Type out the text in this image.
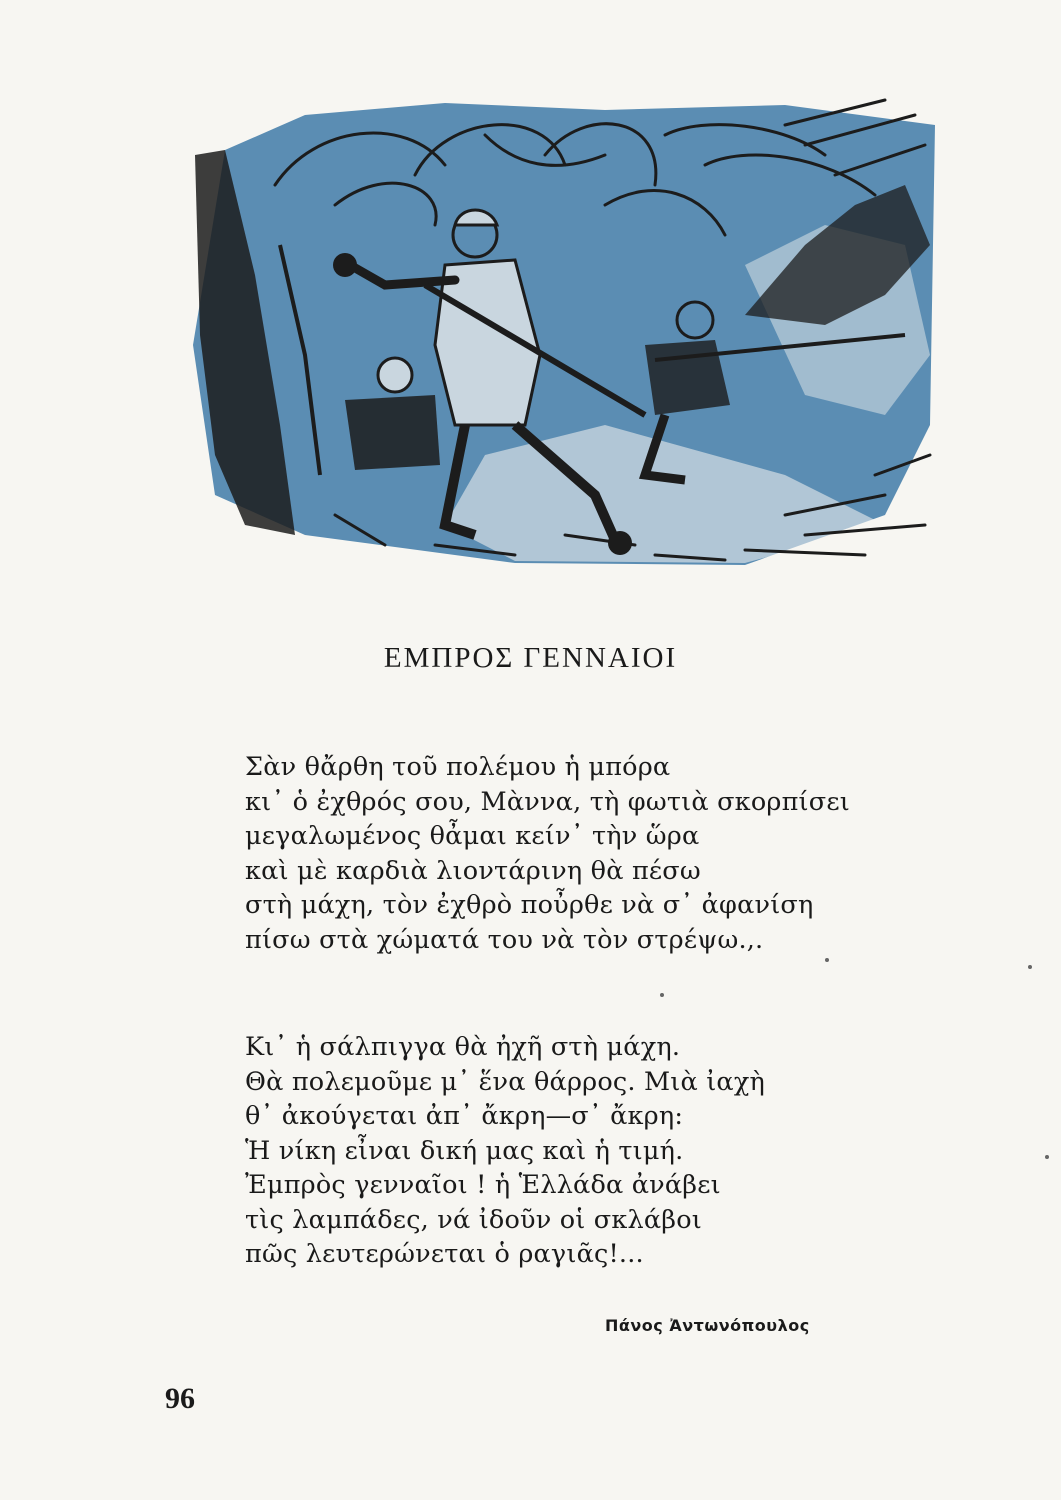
ΕΜΠΡΟΣ ΓΕΝΝΑΙΟΙ
Σὰν θἄρθη τοῦ πολέμου ἡ μπόρα
κι᾿ ὁ ἐχθρός σου, Μὰννα, τὴ φωτιὰ σκορπίσει
μεγαλωμένος θἆμαι κείν᾿ τὴν ὥρα
καὶ μὲ καρδιὰ λιοντάρινη θὰ πέσω
στὴ μάχη, τὸν ἐχθρὸ ποὖρθε νὰ σ᾿ ἀφανίση
πίσω στὰ χώματά του νὰ τὸν στρέψω.,.
Κι᾿ ἡ σάλπιγγα θὰ ἠχῆ στὴ μάχη.
Θὰ πολεμοῦμε μ᾿ ἕνα θάρρος. Μιὰ ἰαχὴ
θ᾿ ἀκούγεται ἀπ᾿ ἄκρη—σ᾿ ἄκρη:
Ἡ νίκη εἶναι δική μας καὶ ἡ τιμή.
Ἐμπρὸς γενναῖοι ! ἡ Ἑλλάδα ἀνάβει
τὶς λαμπάδες, νά ἰδοῦν οἱ σκλάβοι
πῶς λευτερώνεται ὁ ραγιᾶς!...
Πάνος Ἀντωνόπουλος
96
